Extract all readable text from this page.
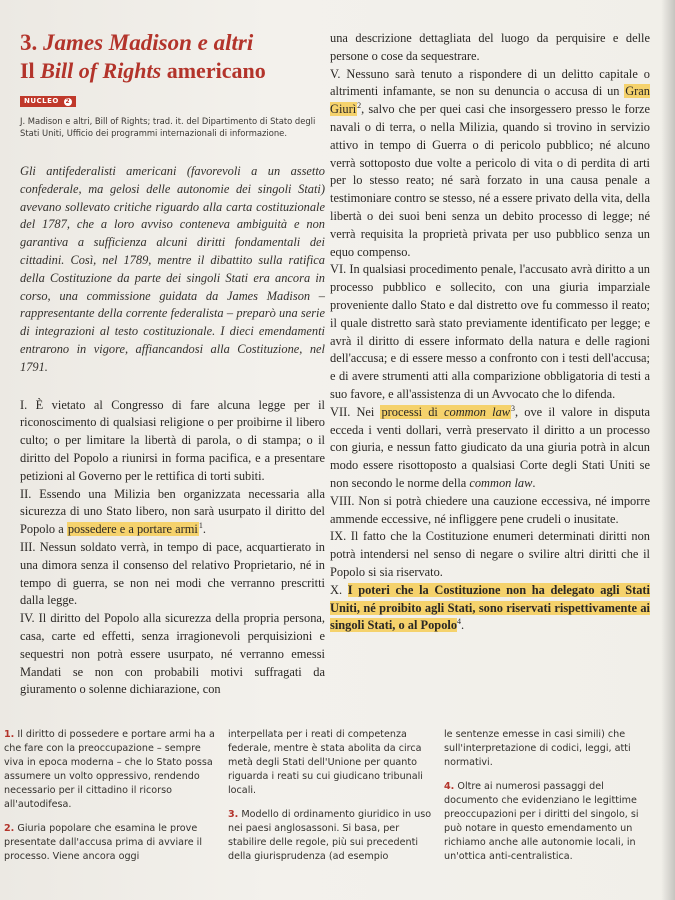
3. James Madison e altri
Il Bill of Rights americano
NUCLEO 2
J. Madison e altri, Bill of Rights; trad. it. del Dipartimento di Stato degli Stati Uniti, Ufficio dei programmi internazionali di informazione.
Gli antifederalisti americani (favorevoli a un assetto confederale, ma gelosi delle autonomie dei singoli Stati) avevano sollevato critiche riguardo alla carta costituzionale del 1787, che a loro avviso conteneva ambiguità e non garantiva a sufficienza alcuni diritti fondamentali dei cittadini. Così, nel 1789, mentre il dibattito sulla ratifica della Costituzione da parte dei singoli Stati era ancora in corso, una commissione guidata da James Madison – rappresentante della corrente federalista – preparò una serie di integrazioni al testo costituzionale. I dieci emendamenti entrarono in vigore, affiancandosi alla Costituzione, nel 1791.

I. È vietato al Congresso di fare alcuna legge per il riconoscimento di qualsiasi religione o per proibirne il libero culto; o per limitare la libertà di parola, o di stampa; o il diritto del Popolo a riunirsi in forma pacifica, e a presentare petizioni al Governo per le rettifica di torti subiti.

II. Essendo una Milizia ben organizzata necessaria alla sicurezza di uno Stato libero, non sarà usurpato il diritto del Popolo a possedere e a portare armi$^1$.

III. Nessun soldato verrà, in tempo di pace, acquartierato in una dimora senza il consenso del relativo Proprietario, né in tempo di guerra, se non nei modi che verranno prescritti dalla legge.

IV. Il diritto del Popolo alla sicurezza della propria persona, casa, carte ed effetti, senza irragionevoli perquisizioni e sequestri non potrà essere usurpato, né verranno emessi Mandati se non con probabili motivi suffragati da giuramento o solenne dichiarazione, con

una descrizione dettagliata del luogo da perquisire e delle persone o cose da sequestrare.

V. Nessuno sarà tenuto a rispondere di un delitto capitale o altrimenti infamante, se non su denuncia o accusa di un Gran Giurì$^2$, salvo che per quei casi che insorgessero presso le forze navali o di terra, o nella Milizia, quando si trovino in servizio attivo in tempo di Guerra o di pericolo pubblico; né alcuno verrà sottoposto due volte a pericolo di vita o di perdita di arti per lo stesso reato; né sarà forzato in una causa penale a testimoniare contro se stesso, né a essere privato della vita, della libertà o dei suoi beni senza un debito processo di legge; né verrà requisita la proprietà privata per uso pubblico senza un equo compenso.

VI. In qualsiasi procedimento penale, l'accusato avrà diritto a un processo pubblico e sollecito, con una giuria imparziale proveniente dallo Stato e dal distretto ove fu commesso il reato; il quale distretto sarà stato previamente identificato per legge; e avrà il diritto di essere informato della natura e delle ragioni dell'accusa; e di essere messo a confronto con i testi dell'accusa; e di avere strumenti atti alla comparizione obbligatoria di testi a suo favore, e all'assistenza di un Avvocato che lo difenda.

VII. Nei processi di common law$^3$, ove il valore in disputa ecceda i venti dollari, verrà preservato il diritto a un processo con giuria, e nessun fatto giudicato da una giuria potrà in alcun modo essere risottoposto a qualsiasi Corte degli Stati Uniti se non secondo le norme della common law.

VIII. Non si potrà chiedere una cauzione eccessiva, né imporre ammende eccessive, né infliggere pene crudeli o inusitate.

IX. Il fatto che la Costituzione enumeri determinati diritti non potrà intendersi nel senso di negare o svilire altri diritti che il Popolo si sia riservato.

X. I poteri che la Costituzione non ha delegato agli Stati Uniti, né proibito agli Stati, sono riservati rispettivamente ai singoli Stati, o al Popolo$^4$.

1. Il diritto di possedere e portare armi ha a che fare con la preoccupazione – sempre viva in epoca moderna – che lo Stato possa assumere un volto oppressivo, rendendo necessario per il cittadino il ricorso all'autodifesa.

2. Giuria popolare che esamina le prove presentate dall'accusa prima di avviare il processo. Viene ancora oggi

interpellata per i reati di competenza federale, mentre è stata abolita da circa metà degli Stati dell'Unione per quanto riguarda i reati su cui giudicano tribunali locali.

3. Modello di ordinamento giuridico in uso nei paesi anglosassoni. Si basa, per stabilire delle regole, più sui precedenti della giurisprudenza (ad esempio

le sentenze emesse in casi simili) che sull'interpretazione di codici, leggi, atti normativi.

4. Oltre ai numerosi passaggi del documento che evidenziano le legittime preoccupazioni per i diritti del singolo, si può notare in questo emendamento un richiamo anche alle autonomie locali, in un'ottica anti-centralistica.
